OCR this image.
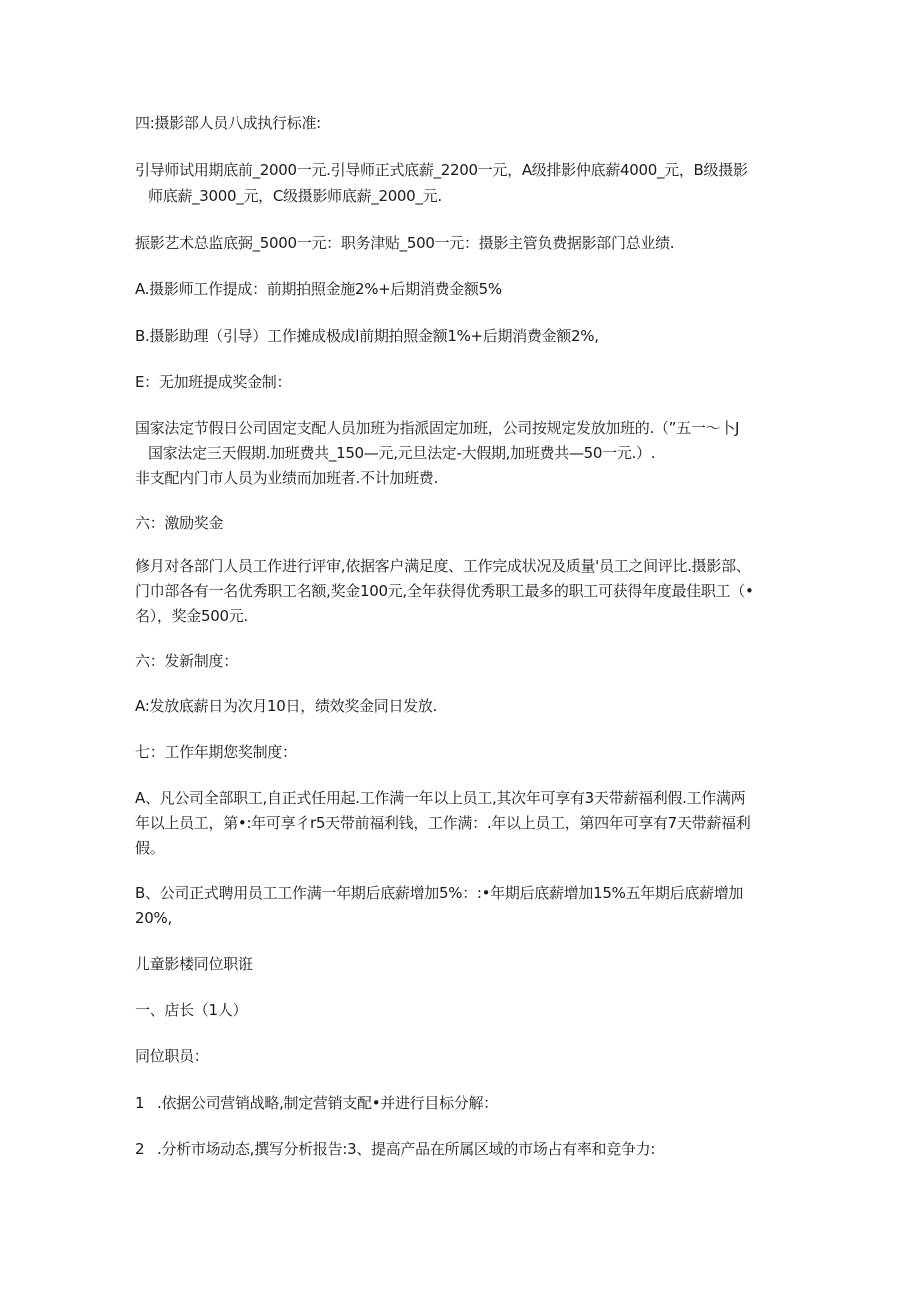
四:摄影部人员八成执行标准:
引导师试用期底前_2000一元.引导师正式底薪_2200一元，A级排影仲底薪4000_元，B级摄影
师底薪_3000_元，C级摄影师底薪_2000_元.
振影艺术总监底弼_5000一元：职务津贴_500一元：摄影主管负费据影部门总业绩.
A.摄影师工作提成：前期拍照金施2%+后期消费金额5%
B.摄影助理（引导）工作摊成极成l前期拍照金额1%+后期消费金额2%,
E：无加班提成奖金制：
国家法定节假日公司固定支配人员加班为指派固定加班，公司按规定发放加班的.（”五一〜卜J
国家法定三天假期.加班费共_150—元,元旦法定-大假期,加班费共—50一元.）.
非支配内门市人员为业绩而加班者.不计加班费.
六：激励奖金
修月对各部门人员工作进行评审,依据客户满足度、工作完成状况及质量'员工之间评比.摄影部、
门巾部各有一名优秀职工名额,奖金100元,全年获得优秀职工最多的职工可获得年度最佳职工（•
名），奖金500元.
六：发新制度：
A:发放底薪日为次月10日，绩效奖金同日发放.
七：工作年期您奖制度：
A、凡公司全部职工,自正式任用起.工作满一年以上员工,其次年可享有3天带薪福利假.工作满两
年以上员工，第•:年可享彳r5天带前福利钱，工作满：.年以上员工，第四年可享有7天带薪福利
假。
B、公司正式聘用员工工作满一年期后底薪增加5%：:•年期后底薪增加15%五年期后底薪增加
20%,
儿童影楼同位职诳
一、店长（1人）
同位职员：
1 .依据公司营销战略,制定营销支配•并进行目标分解：
2 .分析市场动态,撰写分析报告:3、提高产品在所属区域的市场占有率和竞争力:
